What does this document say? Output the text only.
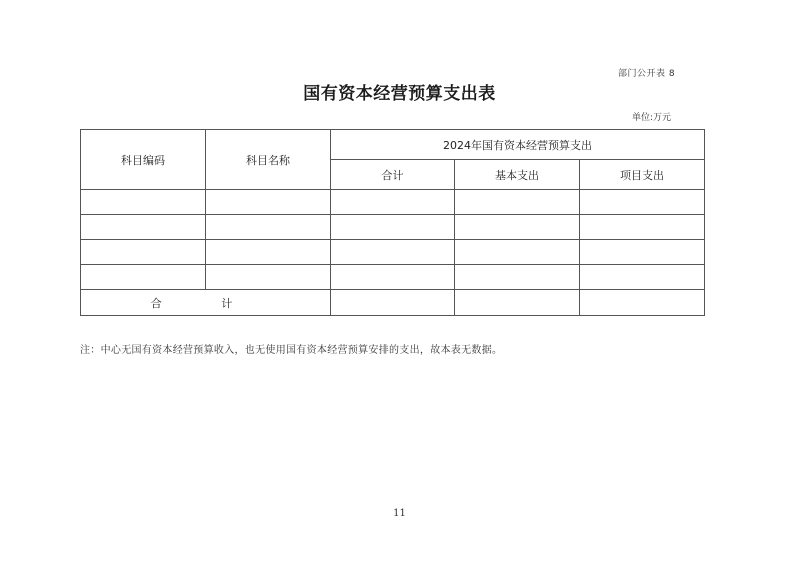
部门公开表 8
国有资本经营预算支出表
单位:万元
科目编码	科目名称	2024年国有资本经营预算支出		
		合计	基本支出	项目支出

合 计				
注：中心无国有资本经营预算收入，也无使用国有资本经营预算安排的支出，故本表无数据。
11
